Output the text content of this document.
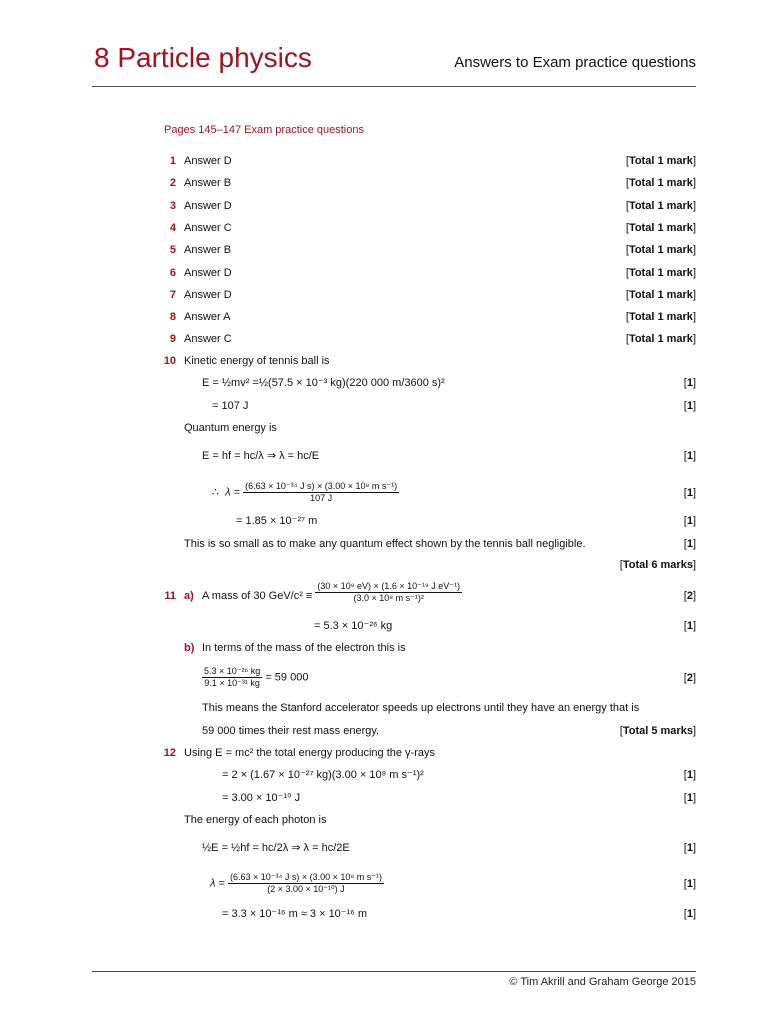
8 Particle physics	Answers to Exam practice questions
Pages 145–147 Exam practice questions
1 Answer D	[Total 1 mark]
2 Answer B	[Total 1 mark]
3 Answer D	[Total 1 mark]
4 Answer C	[Total 1 mark]
5 Answer B	[Total 1 mark]
6 Answer D	[Total 1 mark]
7 Answer D	[Total 1 mark]
8 Answer A	[Total 1 mark]
9 Answer C	[Total 1 mark]
10 Kinetic energy of tennis ball is
E = ½mv² =½(57.5 × 10⁻³ kg)(220 000 m/3600 s)²	[1]
= 107 J	[1]
Quantum energy is
E = hf = hc/λ ⇒ λ = hc/E	[1]
∴  $\lambda = \frac{\text{(6.63 × 10⁻³⁴ J s) × (3.00 × 10⁸ m s⁻¹)}}{107 J}$	[1]
= 1.85 × 10⁻²⁷ m	[1]
This is so small as to make any quantum effect shown by the tennis ball negligible.	[1]
[Total 6 marks]
11 a) A mass of 30 $GeV/c^2 \equiv \frac{\text{(30 × 10⁹ eV) × (1.6 × 10⁻¹⁹ J eV⁻¹)}}{\text{(3.0 × 10⁸ m s⁻¹)²}}$	[2]
= 5.3 × 10⁻²⁶ kg	[1]
b) In terms of the mass of the electron this is
$\frac{\text{5.3 × 10⁻²⁶ kg}}{\text{9.1 × 10⁻³¹ kg}} = 59$ 000	[2]
This means the Stanford accelerator speeds up electrons until they have an energy that is
59 000 times their rest mass energy.	[Total 5 marks]
12 Using E = mc² the total energy producing the γ-rays
= 2 × (1.67 × 10⁻²⁷ kg)(3.00 × 10⁸ m s⁻¹)²	[1]
= 3.00 × 10⁻¹⁰ J	[1]
The energy of each photon is
½E = ½hf = hc/2λ ⇒ λ = hc/2E	[1]
$\lambda = \frac{\text{(6.63 × 10⁻³⁴ J s) × (3.00 × 10⁸ m s⁻¹)}}{\text{(2 × 3.00 × 10⁻¹⁰) J}}$	[1]
= 3.3 × 10⁻¹⁶ m ≈ 3 × 10⁻¹⁶ m	[1]
© Tim Akrill and Graham George 2015
